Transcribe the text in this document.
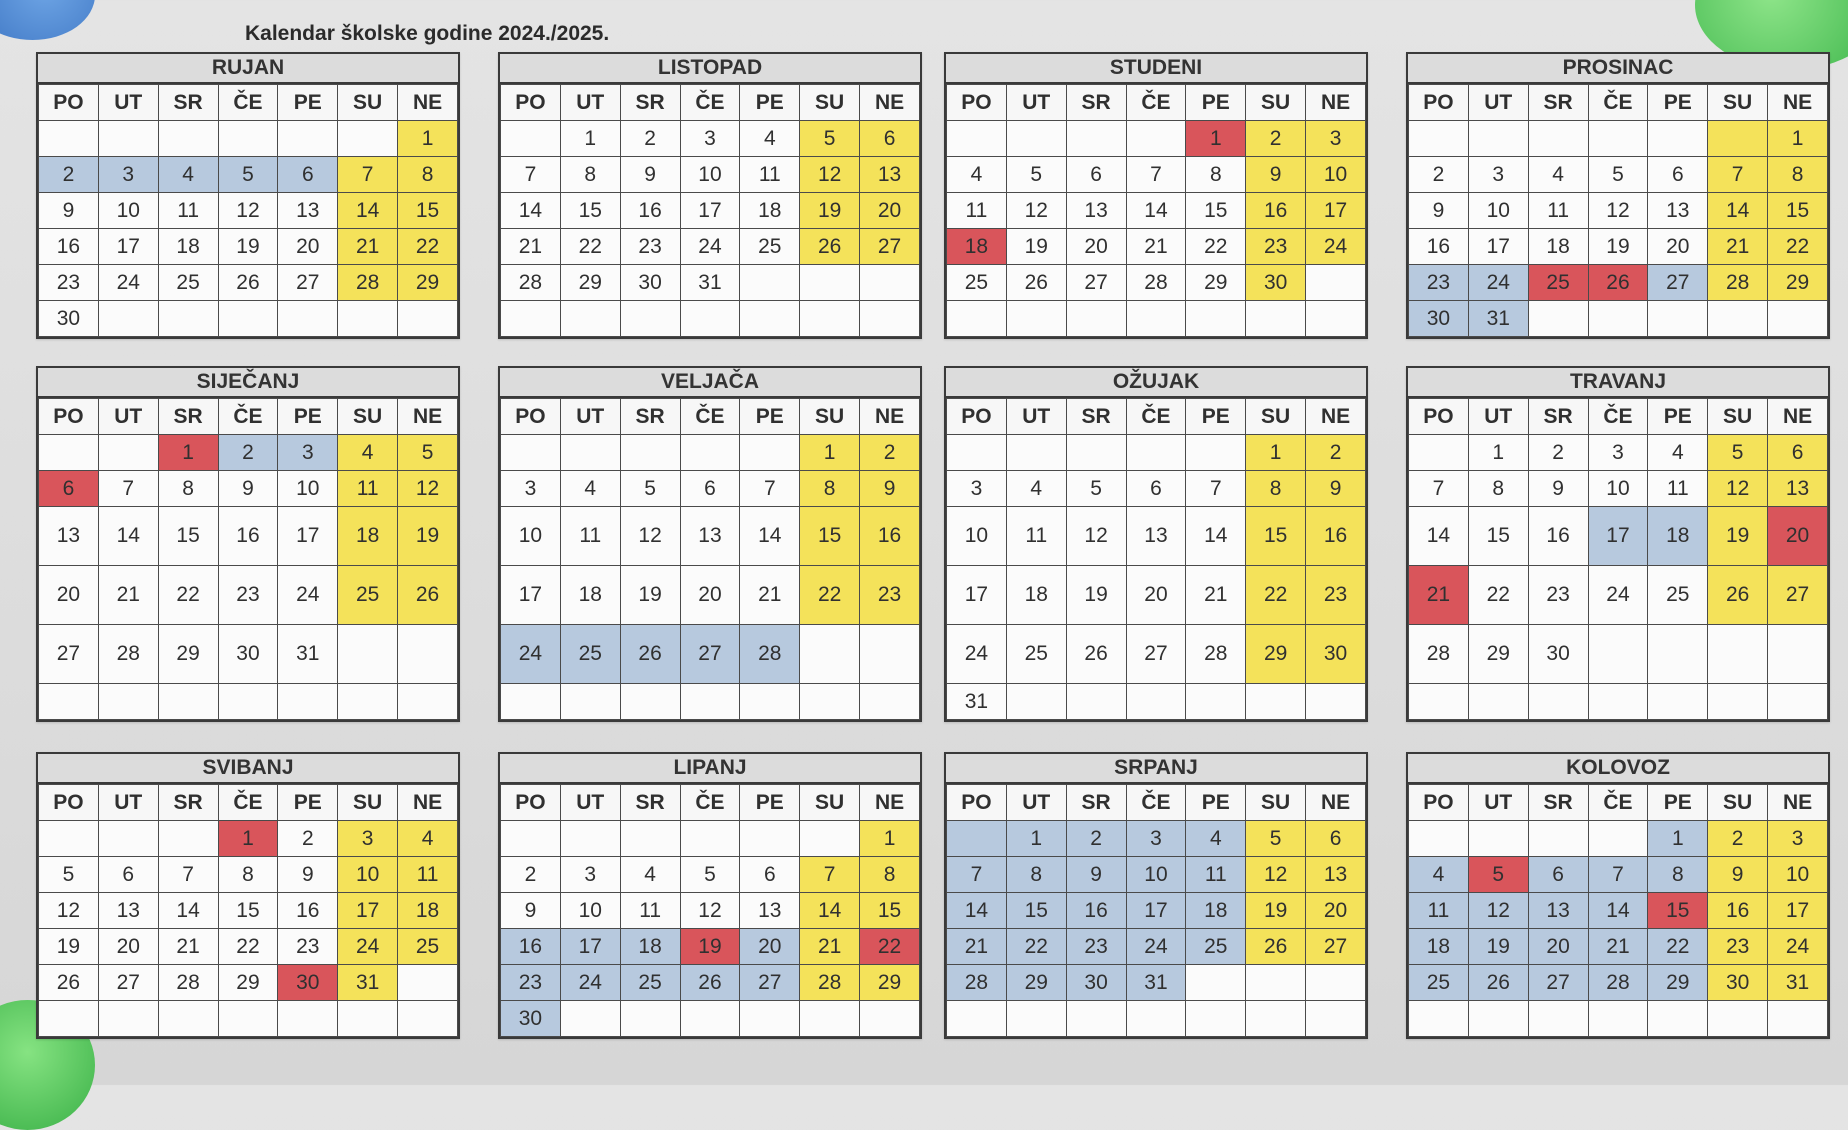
Kalendar školske godine 2024./2025.
RUJAN
PO	UT	SR	ČE	PE	SU	NE
						1
2	3	4	5	6	7	8
9	10	11	12	13	14	15
16	17	18	19	20	21	22
23	24	25	26	27	28	29
30						
LISTOPAD
PO	UT	SR	ČE	PE	SU	NE
	1	2	3	4	5	6
7	8	9	10	11	12	13
14	15	16	17	18	19	20
21	22	23	24	25	26	27
28	29	30	31			

STUDENI
PO	UT	SR	ČE	PE	SU	NE
				1	2	3
4	5	6	7	8	9	10
11	12	13	14	15	16	17
18	19	20	21	22	23	24
25	26	27	28	29	30	

PROSINAC
PO	UT	SR	ČE	PE	SU	NE
						1
2	3	4	5	6	7	8
9	10	11	12	13	14	15
16	17	18	19	20	21	22
23	24	25	26	27	28	29
30	31					
SIJEČANJ
PO	UT	SR	ČE	PE	SU	NE
		1	2	3	4	5
6	7	8	9	10	11	12
13	14	15	16	17	18	19
20	21	22	23	24	25	26
27	28	29	30	31		

VELJAČA
PO	UT	SR	ČE	PE	SU	NE
					1	2
3	4	5	6	7	8	9
10	11	12	13	14	15	16
17	18	19	20	21	22	23
24	25	26	27	28		

OŽUJAK
PO	UT	SR	ČE	PE	SU	NE
					1	2
3	4	5	6	7	8	9
10	11	12	13	14	15	16
17	18	19	20	21	22	23
24	25	26	27	28	29	30
31						
TRAVANJ
PO	UT	SR	ČE	PE	SU	NE
	1	2	3	4	5	6
7	8	9	10	11	12	13
14	15	16	17	18	19	20
21	22	23	24	25	26	27
28	29	30				

SVIBANJ
PO	UT	SR	ČE	PE	SU	NE
			1	2	3	4
5	6	7	8	9	10	11
12	13	14	15	16	17	18
19	20	21	22	23	24	25
26	27	28	29	30	31	

LIPANJ
PO	UT	SR	ČE	PE	SU	NE
						1
2	3	4	5	6	7	8
9	10	11	12	13	14	15
16	17	18	19	20	21	22
23	24	25	26	27	28	29
30						
SRPANJ
PO	UT	SR	ČE	PE	SU	NE
	1	2	3	4	5	6
7	8	9	10	11	12	13
14	15	16	17	18	19	20
21	22	23	24	25	26	27
28	29	30	31			

KOLOVOZ
PO	UT	SR	ČE	PE	SU	NE
				1	2	3
4	5	6	7	8	9	10
11	12	13	14	15	16	17
18	19	20	21	22	23	24
25	26	27	28	29	30	31
